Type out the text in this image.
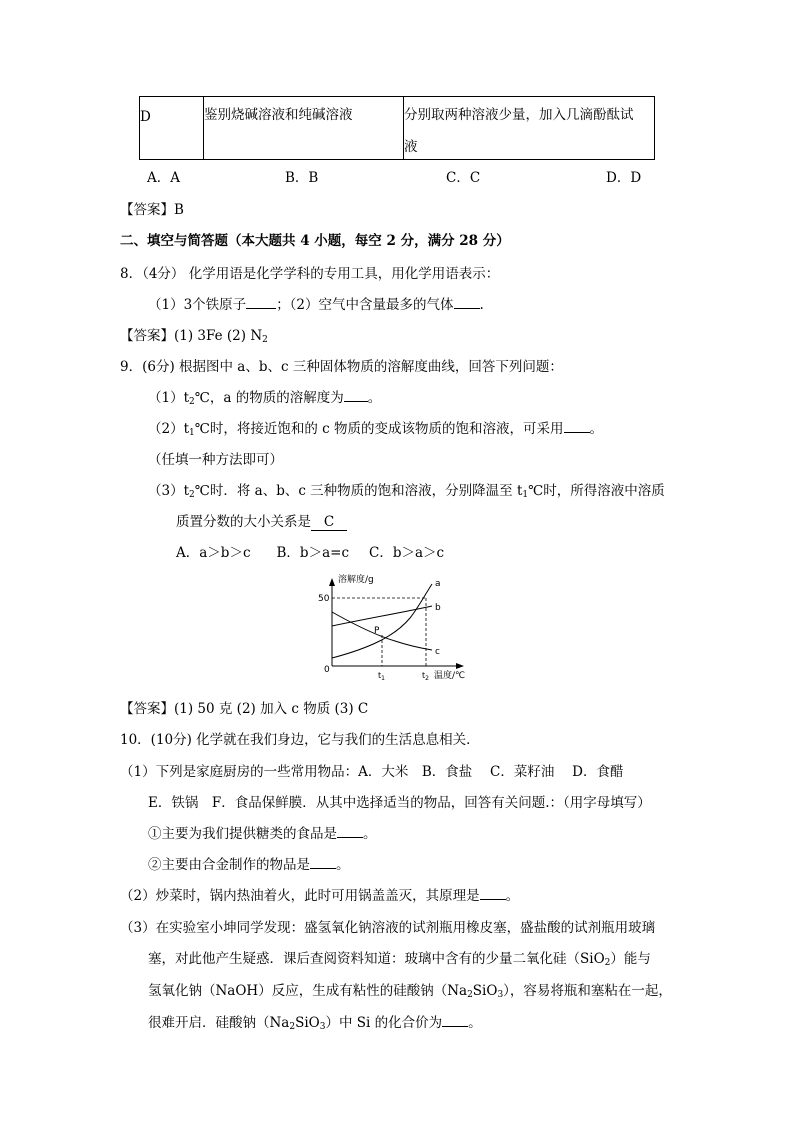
D	鉴别烧碱溶液和纯碱溶液	分别取两种溶液少量，加入几滴酚酞试
液
A．A	B．B	C．C	D．D
【答案】B
二、填空与简答题（本大题共 4 小题，每空 2 分，满分 28 分）
8．（4分） 化学用语是化学学科的专用工具，用化学用语表示：
（1）3个铁原子 ；（2）空气中含量最多的气体 .
【答案】(1) 3Fe (2) $N_2$
9．(6分) 根据图中 a、b、c 三种固体物质的溶解度曲线，回答下列问题：
$(1)t_2℃$，a 的物质的溶解度为 。
$(2)t_1℃$时，将接近饱和的 c 物质的变成该物质的饱和溶液，可采用 。
（任填一种方法即可）
$(3)t_2℃$时．将 a、b、c 三种物质的饱和溶液，分别降温至 $t_1℃$时，所得溶液中溶质
质置分数的大小关系是 C
A．a＞b＞c B．b＞a=c C．b＞a＞c
溶解度/g
温度/℃
50
0
$t_1$	$t_2$
a
b
c
P
【答案】(1) 50 克 (2) 加入 c 物质 (3) C
10．(10分) 化学就在我们身边，它与我们的生活息息相关．
（1）下列是家庭厨房的一些常用物品：A．大米　B．食盐　 C．菜籽油　 D．食醋
E．铁锅　F．食品保鲜膜．从其中选择适当的物品，回答有关问题.：（用字母填写）
①主要为我们提供糖类的食品是 。
②主要由合金制作的物品是 。
（2）炒菜时，锅内热油着火，此时可用锅盖盖灭，其原理是 。
（3）在实验室小坤同学发现：盛氢氧化钠溶液的试剂瓶用橡皮塞，盛盐酸的试剂瓶用玻璃
塞，对此他产生疑惑．课后查阅资料知道：玻璃中含有的少量二氧化硅（SiO$_2$）能与
氢氧化钠（NaOH）反应，生成有粘性的硅酸钠$(Na_2SiO_3)$，容易将瓶和塞粘在一起，
很难开启．硅酸钠$(Na_2SiO_3)$中 Si 的化合价为 。
